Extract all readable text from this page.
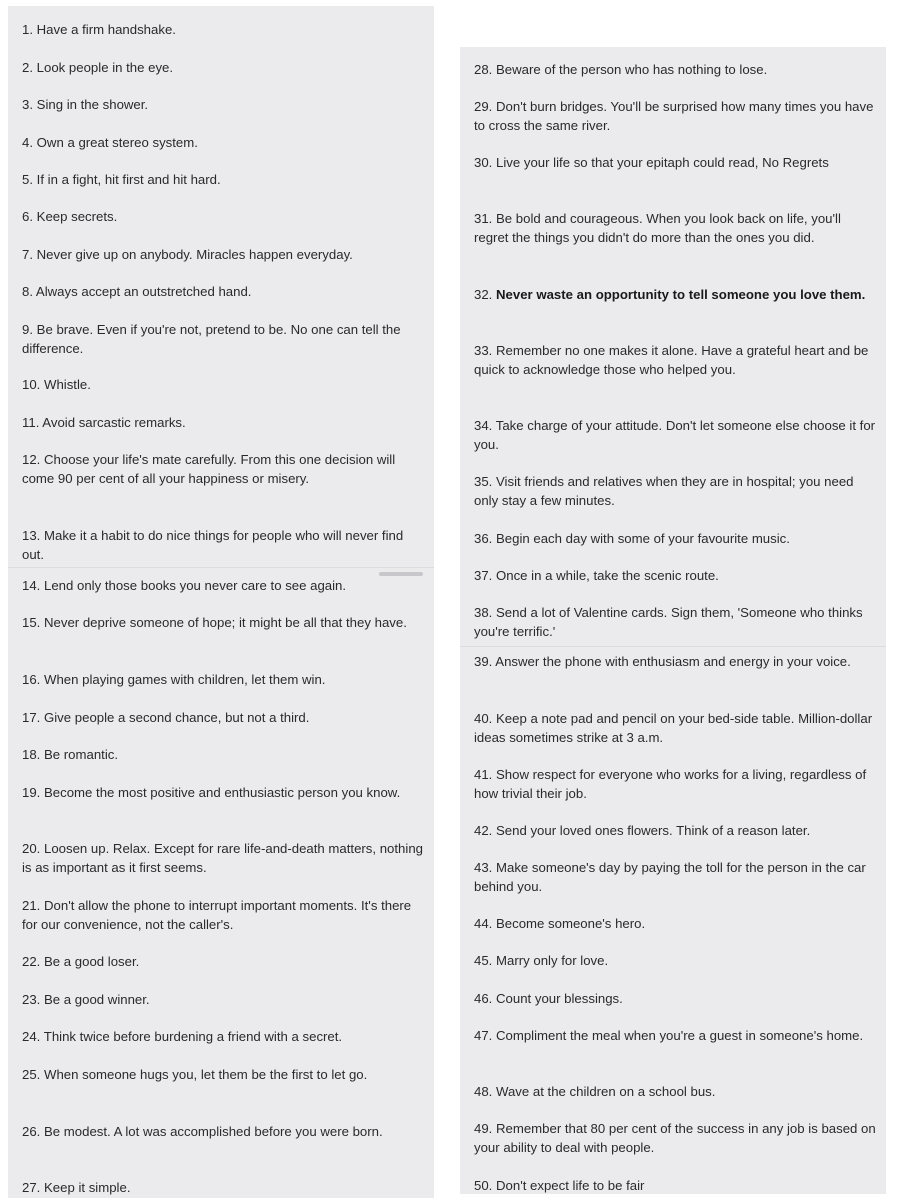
1. Have a firm handshake.

2. Look people in the eye.

3. Sing in the shower.

4. Own a great stereo system.

5. If in a fight, hit first and hit hard.

6. Keep secrets.

7. Never give up on anybody. Miracles happen everyday.

8. Always accept an outstretched hand.

9. Be brave. Even if you're not, pretend to be. No one can tell the difference.

10. Whistle.

11. Avoid sarcastic remarks.

12. Choose your life's mate carefully. From this one decision will come 90 per cent of all your happiness or misery.

13. Make it a habit to do nice things for people who will never find out.

14. Lend only those books you never care to see again.

15. Never deprive someone of hope; it might be all that they have.

16. When playing games with children, let them win.

17. Give people a second chance, but not a third.

18. Be romantic.

19. Become the most positive and enthusiastic person you know.

20. Loosen up. Relax. Except for rare life-and-death matters, nothing is as important as it first seems.

21. Don't allow the phone to interrupt important moments. It's there for our convenience, not the caller's.

22. Be a good loser.

23. Be a good winner.

24. Think twice before burdening a friend with a secret.

25. When someone hugs you, let them be the first to let go.

26. Be modest. A lot was accomplished before you were born.

27. Keep it simple.

28. Beware of the person who has nothing to lose.

29. Don't burn bridges. You'll be surprised how many times you have to cross the same river.

30. Live your life so that your epitaph could read, No Regrets

31. Be bold and courageous. When you look back on life, you'll regret the things you didn't do more than the ones you did.

32. Never waste an opportunity to tell someone you love them.

33. Remember no one makes it alone. Have a grateful heart and be quick to acknowledge those who helped you.

34. Take charge of your attitude. Don't let someone else choose it for you.

35. Visit friends and relatives when they are in hospital; you need only stay a few minutes.

36. Begin each day with some of your favourite music.

37. Once in a while, take the scenic route.

38. Send a lot of Valentine cards. Sign them, 'Someone who thinks you're terrific.'

39. Answer the phone with enthusiasm and energy in your voice.

40. Keep a note pad and pencil on your bed-side table. Million-dollar ideas sometimes strike at 3 a.m.

41. Show respect for everyone who works for a living, regardless of how trivial their job.

42. Send your loved ones flowers. Think of a reason later.

43. Make someone's day by paying the toll for the person in the car behind you.

44. Become someone's hero.

45. Marry only for love.

46. Count your blessings.

47. Compliment the meal when you're a guest in someone's home.

48. Wave at the children on a school bus.

49. Remember that 80 per cent of the success in any job is based on your ability to deal with people.

50. Don't expect life to be fair
